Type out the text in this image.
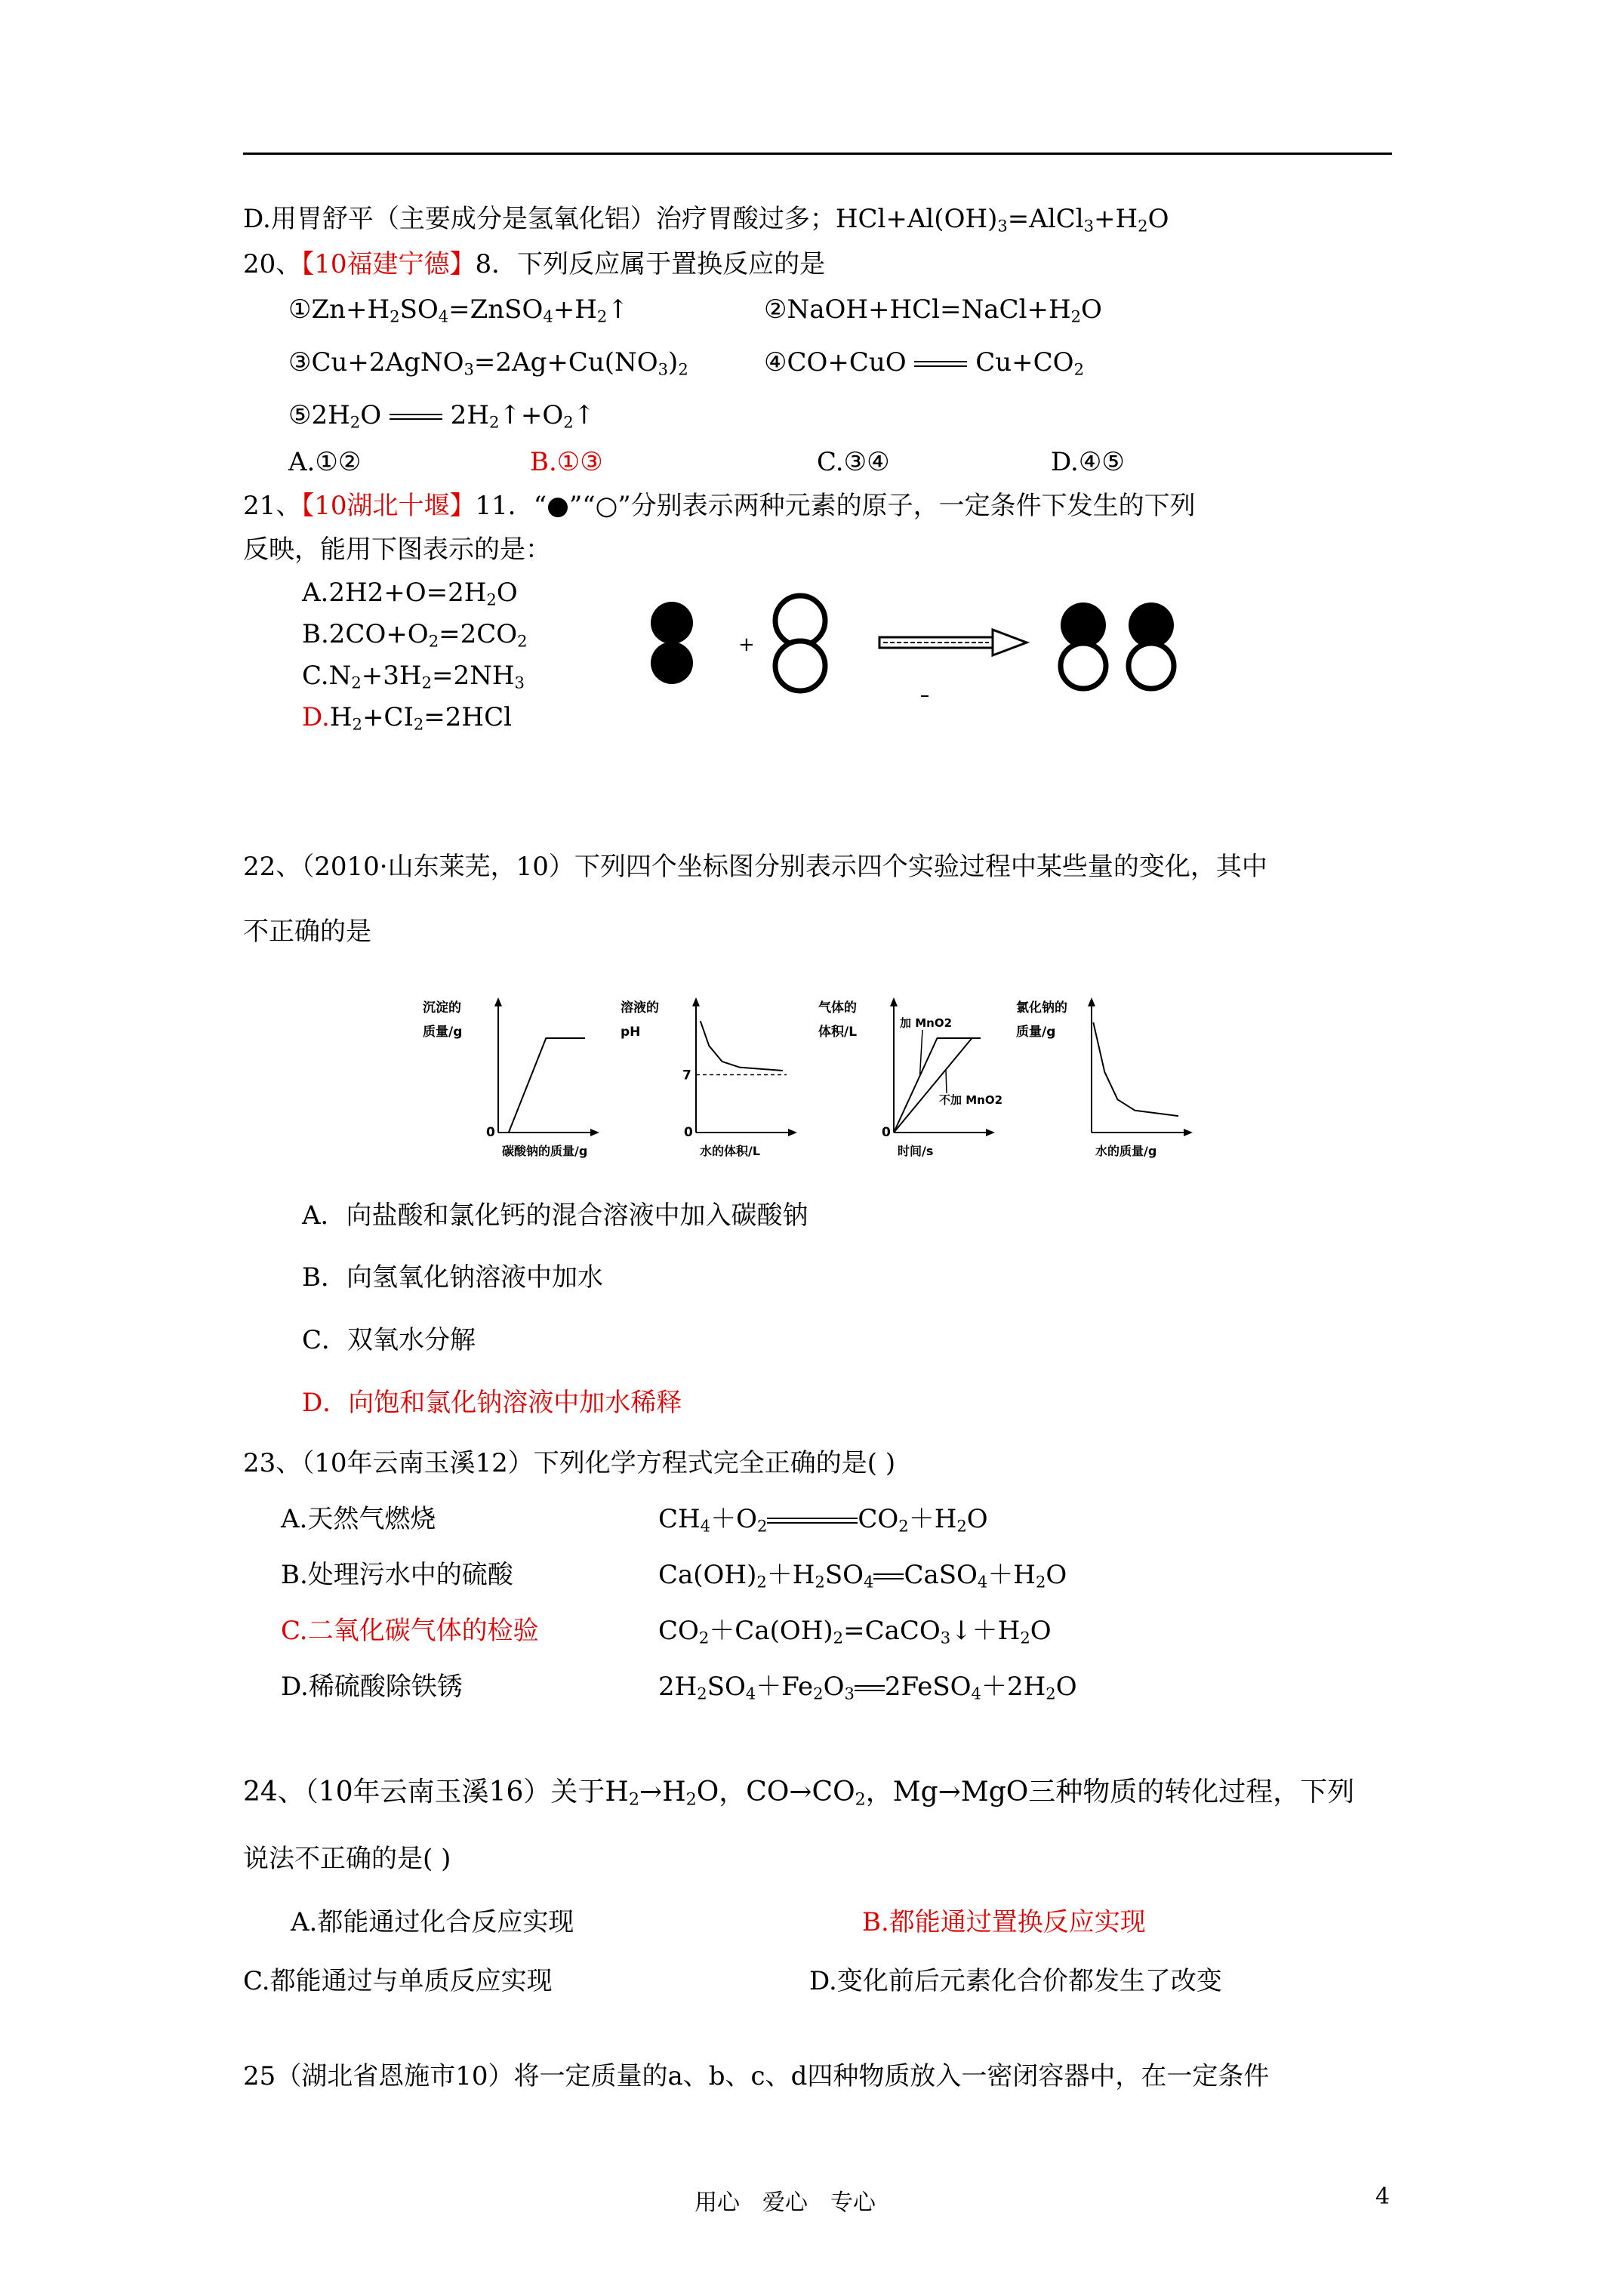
D.用胃舒平（主要成分是氢氧化铝）治疗胃酸过多；$HCl+Al(OH)_3=AlCl_3+H_2O$
20、【10福建宁德】8．下列反应属于置换反应的是
$①Zn+H_2SO_4=ZnSO_4+H_2↑$	$②NaOH+HCl=NaCl+H_2O$
$③Cu+2AgNO_3=2Ag+Cu(NO_3)_2$	④CO+CuO  $Cu+CO_2$
$⑤2H_2O$  $2H_2↑+O_2↑$
A.①②	B.①③	C.③④	D.④⑤
21、【10湖北十堰】11．“●”“○”分别表示两种元素的原子，一定条件下发生的下列
反映，能用下图表示的是：
$A.2H2+O=2H_2O$
$B.2CO+O_2=2CO_2$
$C.N_2+3H_2=2NH_3$
$D.H_2+CI_2=2HCl$
+
22、（2010·山东莱芜，10）下列四个坐标图分别表示四个实验过程中某些量的变化，其中
不正确的是
沉淀的
质量/g
0
碳酸钠的质量/g
溶液的
pH
0
水的体积/L
7
气体的
体积/L
0
时间/s
加 MnO2
不加 MnO2
氯化钠的
质量/g
水的质量/g
A．向盐酸和氯化钙的混合溶液中加入碳酸钠
B．向氢氧化钠溶液中加水
C．双氧水分解
D．向饱和氯化钠溶液中加水稀释
23、（10年云南玉溪12）下列化学方程式完全正确的是( )
A.天然气燃烧	$CH_4+O_2$	$CO_2+H_2O$
B.处理污水中的硫酸	$Ca(OH)_2+H_2SO_4$ $CaSO_4+H_2O$
C.二氧化碳气体的检验	$CO_2+Ca(OH)_2=CaCO_3↓+H_2O$
D.稀硫酸除铁锈	$2H_2SO_4+Fe_2O_3$ $2FeSO_4+2H_2O$
24、（10年云南玉溪16）关于$H_2\to H_2O$，$CO\to CO_2$，Mg→MgO三种物质的转化过程，下列
说法不正确的是( )
A.都能通过化合反应实现	B.都能通过置换反应实现
C.都能通过与单质反应实现	D.变化前后元素化合价都发生了改变
25（湖北省恩施市10）将一定质量的a、b、c、d四种物质放入一密闭容器中，在一定条件
用心　爱心　专心	4
